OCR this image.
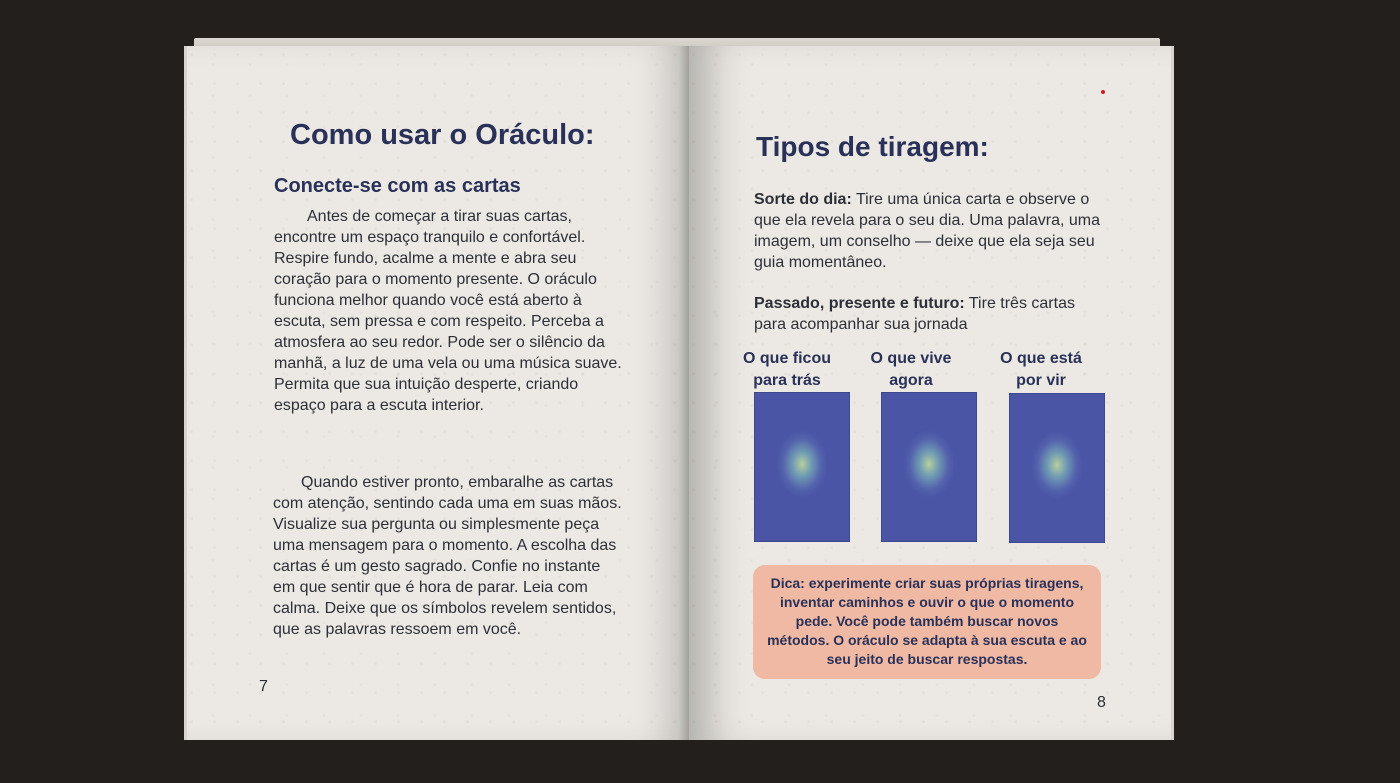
Como usar o Oráculo:
Conecte-se com as cartas

Antes de começar a tirar suas cartas, encontre um espaço tranquilo e confortável. Respire fundo, acalme a mente e abra seu coração para o momento presente. O oráculo funciona melhor quando você está aberto à escuta, sem pressa e com respeito. Perceba a atmosfera ao seu redor. Pode ser o silêncio da manhã, a luz de uma vela ou uma música suave. Permita que sua intuição desperte, criando espaço para a escuta interior.

Quando estiver pronto, embaralhe as cartas com atenção, sentindo cada uma em suas mãos. Visualize sua pergunta ou simplesmente peça uma mensagem para o momento. A escolha das cartas é um gesto sagrado. Confie no instante em que sentir que é hora de parar. Leia com calma. Deixe que os símbolos revelem sentidos, que as palavras ressoem em você.

7
Tipos de tiragem:

Sorte do dia: Tire uma única carta e observe o que ela revela para o seu dia. Uma palavra, uma imagem, um conselho — deixe que ela seja seu guia momentâneo.

Passado, presente e futuro: Tire três cartas para acompanhar sua jornada

O que ficou
para trás
O que vive
agora
O que está
por vir
Dica: experimente criar suas próprias tiragens, inventar caminhos e ouvir o que o momento pede. Você pode também buscar novos métodos. O oráculo se adapta à sua escuta e ao seu jeito de buscar respostas.
8
